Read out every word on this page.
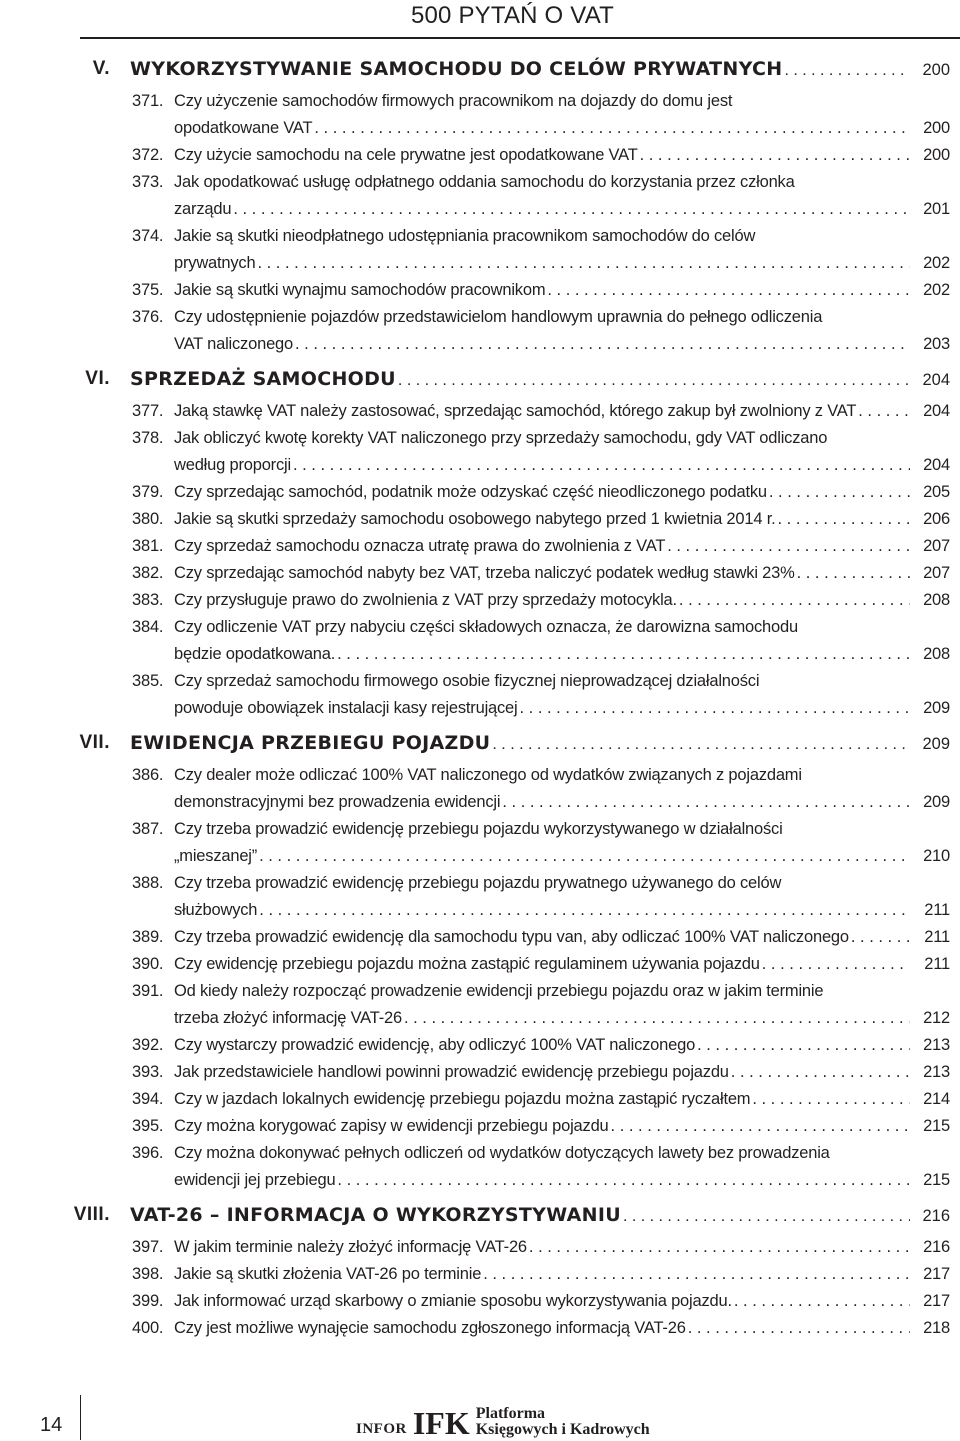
500 PYTAŃ O VAT
V. WYKORZYSTYWANIE SAMOCHODU DO CELÓW PRYWATNYCH . . .	200
371. Czy użyczenie samochodów firmowych pracownikom na dojazdy do domu jest
opodatkowane VAT . . .	200
372. Czy użycie samochodu na cele prywatne jest opodatkowane VAT . . .	200
373. Jak opodatkować usługę odpłatnego oddania samochodu do korzystania przez członka
zarządu . . .	201
374. Jakie są skutki nieodpłatnego udostępniania pracownikom samochodów do celów
prywatnych . . .	202
375. Jakie są skutki wynajmu samochodów pracownikom . . .	202
376. Czy udostępnienie pojazdów przedstawicielom handlowym uprawnia do pełnego odliczenia
VAT naliczonego . . .	203
VI. SPRZEDAŻ SAMOCHODU . . .	204
377. Jaką stawkę VAT należy zastosować, sprzedając samochód, którego zakup był zwolniony z VAT . . .	204
378. Jak obliczyć kwotę korekty VAT naliczonego przy sprzedaży samochodu, gdy VAT odliczano
według proporcji . . .	204
379. Czy sprzedając samochód, podatnik może odzyskać część nieodliczonego podatku . . .	205
380. Jakie są skutki sprzedaży samochodu osobowego nabytego przed 1 kwietnia 2014 r. . . .	206
381. Czy sprzedaż samochodu oznacza utratę prawa do zwolnienia z VAT . . .	207
382. Czy sprzedając samochód nabyty bez VAT, trzeba naliczyć podatek według stawki 23% . . .	207
383. Czy przysługuje prawo do zwolnienia z VAT przy sprzedaży motocykla. . . .	208
384. Czy odliczenie VAT przy nabyciu części składowych oznacza, że darowizna samochodu
będzie opodatkowana. . . .	208
385. Czy sprzedaż samochodu firmowego osobie fizycznej nieprowadzącej działalności
powoduje obowiązek instalacji kasy rejestrującej . . .	209
VII. EWIDENCJA PRZEBIEGU POJAZDU . . .	209
386. Czy dealer może odliczać 100% VAT naliczonego od wydatków związanych z pojazdami
demonstracyjnymi bez prowadzenia ewidencji . . .	209
387. Czy trzeba prowadzić ewidencję przebiegu pojazdu wykorzystywanego w działalności
„mieszanej” . . .	210
388. Czy trzeba prowadzić ewidencję przebiegu pojazdu prywatnego używanego do celów
służbowych . . .	211
389. Czy trzeba prowadzić ewidencję dla samochodu typu van, aby odliczać 100% VAT naliczonego . . .	211
390. Czy ewidencję przebiegu pojazdu można zastąpić regulaminem używania pojazdu . . .	211
391. Od kiedy należy rozpocząć prowadzenie ewidencji przebiegu pojazdu oraz w jakim terminie
trzeba złożyć informację VAT-26 . . .	212
392. Czy wystarczy prowadzić ewidencję, aby odliczyć 100% VAT naliczonego . . .	213
393. Jak przedstawiciele handlowi powinni prowadzić ewidencję przebiegu pojazdu . . .	213
394. Czy w jazdach lokalnych ewidencję przebiegu pojazdu można zastąpić ryczałtem . . .	214
395. Czy można korygować zapisy w ewidencji przebiegu pojazdu . . .	215
396. Czy można dokonywać pełnych odliczeń od wydatków dotyczących lawety bez prowadzenia
ewidencji jej przebiegu . . .	215
VIII. VAT-26 – INFORMACJA O WYKORZYSTYWANIU . . .	216
397. W jakim terminie należy złożyć informację VAT-26 . . .	216
398. Jakie są skutki złożenia VAT-26 po terminie . . .	217
399. Jak informować urząd skarbowy o zmianie sposobu wykorzystywania pojazdu. . . .	217
400. Czy jest możliwe wynajęcie samochodu zgłoszonego informacją VAT-26 . . .	218
14	INFOR IFK Platforma
Księgowych i Kadrowych
